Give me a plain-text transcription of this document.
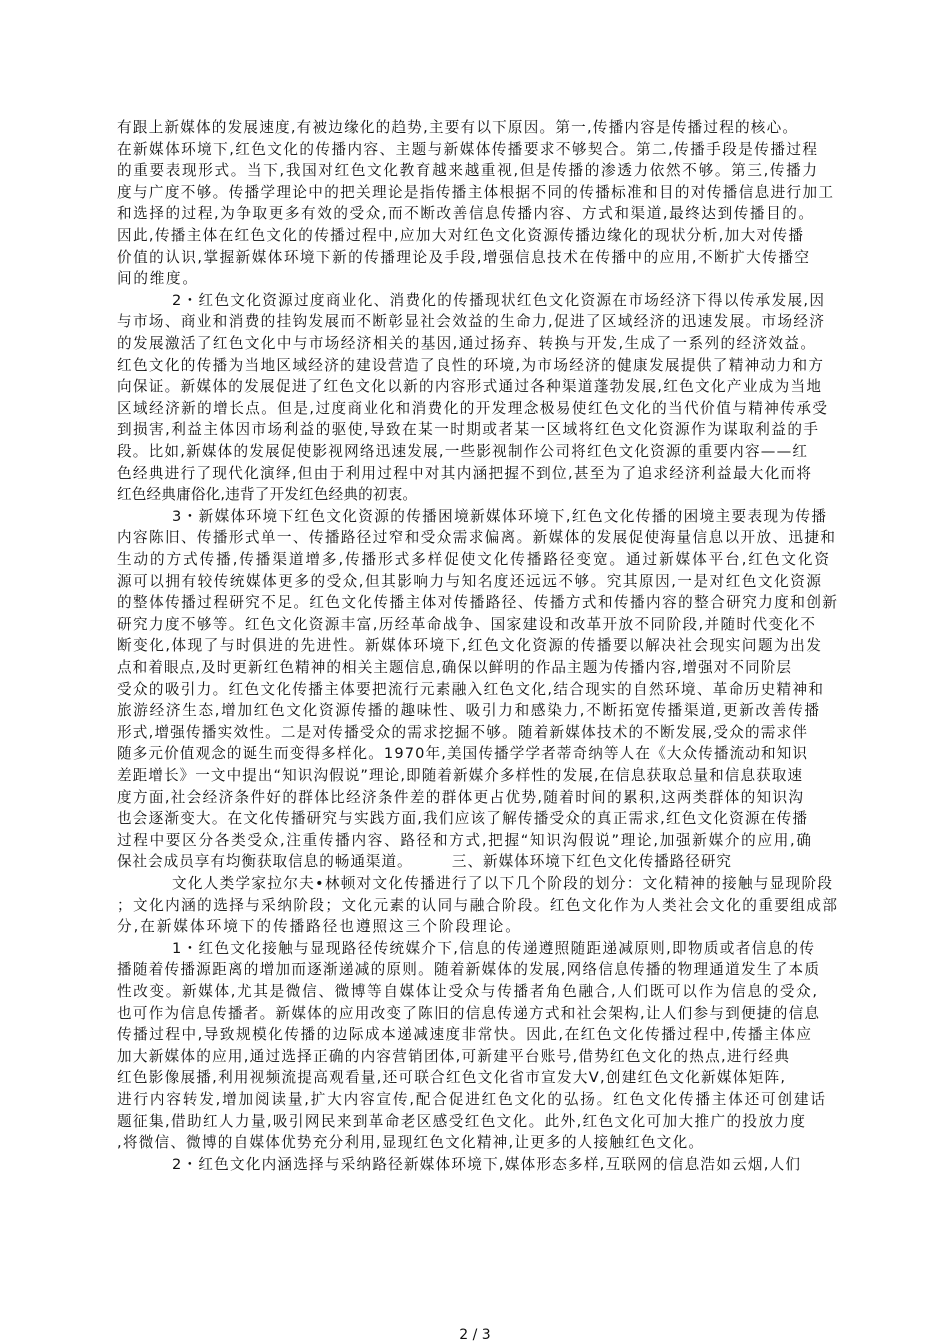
有跟上新媒体的发展速度,有被边缘化的趋势,主要有以下原因。第一,传播内容是传播过程的核心。
在新媒体环境下,红色文化的传播内容、主题与新媒体传播要求不够契合。第二,传播手段是传播过程
的重要表现形式。当下,我国对红色文化教育越来越重视,但是传播的渗透力依然不够。第三,传播力
度与广度不够。传播学理论中的把关理论是指传播主体根据不同的传播标准和目的对传播信息进行加工
和选择的过程,为争取更多有效的受众,而不断改善信息传播内容、方式和渠道,最终达到传播目的。
因此,传播主体在红色文化的传播过程中,应加大对红色文化资源传播边缘化的现状分析,加大对传播
价值的认识,掌握新媒体环境下新的传播理论及手段,增强信息技术在传播中的应用,不断扩大传播空
间的维度。
2・红色文化资源过度商业化、消费化的传播现状红色文化资源在市场经济下得以传承发展,因
与市场、商业和消费的挂钩发展而不断彰显社会效益的生命力,促进了区域经济的迅速发展。市场经济
的发展激活了红色文化中与市场经济相关的基因,通过扬弃、转换与开发,生成了一系列的经济效益。
红色文化的传播为当地区域经济的建设营造了良性的环境,为市场经济的健康发展提供了精神动力和方
向保证。新媒体的发展促进了红色文化以新的内容形式通过各种渠道蓬勃发展,红色文化产业成为当地
区域经济新的增长点。但是,过度商业化和消费化的开发理念极易使红色文化的当代价值与精神传承受
到损害,利益主体因市场利益的驱使,导致在某一时期或者某一区域将红色文化资源作为谋取利益的手
段。比如,新媒体的发展促使影视网络迅速发展,一些影视制作公司将红色文化资源的重要内容——红
色经典进行了现代化演绎,但由于利用过程中对其内涵把握不到位,甚至为了追求经济利益最大化而将
红色经典庸俗化,违背了开发红色经典的初衷。
3・新媒体环境下红色文化资源的传播困境新媒体环境下,红色文化传播的困境主要表现为传播
内容陈旧、传播形式单一、传播路径过窄和受众需求偏离。新媒体的发展促使海量信息以开放、迅捷和
生动的方式传播,传播渠道增多,传播形式多样促使文化传播路径变宽。通过新媒体平台,红色文化资
源可以拥有较传统媒体更多的受众,但其影响力与知名度还远远不够。究其原因,一是对红色文化资源
的整体传播过程研究不足。红色文化传播主体对传播路径、传播方式和传播内容的整合研究力度和创新
研究力度不够等。红色文化资源丰富,历经革命战争、国家建设和改革开放不同阶段,并随时代变化不
断变化,体现了与时俱进的先进性。新媒体环境下,红色文化资源的传播要以解决社会现实问题为出发
点和着眼点,及时更新红色精神的相关主题信息,确保以鲜明的作品主题为传播内容,增强对不同阶层
受众的吸引力。红色文化传播主体要把流行元素融入红色文化,结合现实的自然环境、革命历史精神和
旅游经济生态,增加红色文化资源传播的趣味性、吸引力和感染力,不断拓宽传播渠道,更新改善传播
形式,增强传播实效性。二是对传播受众的需求挖掘不够。随着新媒体技术的不断发展,受众的需求伴
随多元价值观念的诞生而变得多样化。1970年,美国传播学学者蒂奇纳等人在《大众传播流动和知识
差距增长》一文中提出“知识沟假说”理论,即随着新媒介多样性的发展,在信息获取总量和信息获取速
度方面,社会经济条件好的群体比经济条件差的群体更占优势,随着时间的累积,这两类群体的知识沟
也会逐渐变大。在文化传播研究与实践方面,我们应该了解传播受众的真正需求,红色文化资源在传播
过程中要区分各类受众,注重传播内容、路径和方式,把握“知识沟假说”理论,加强新媒介的应用,确
保社会成员享有均衡获取信息的畅通渠道。　　　三、新媒体环境下红色文化传播路径研究
文化人类学家拉尔夫•林顿对文化传播进行了以下几个阶段的划分：文化精神的接触与显现阶段
；文化内涵的选择与采纳阶段；文化元素的认同与融合阶段。红色文化作为人类社会文化的重要组成部
分,在新媒体环境下的传播路径也遵照这三个阶段理论。
1・红色文化接触与显现路径传统媒介下,信息的传递遵照随距递减原则,即物质或者信息的传
播随着传播源距离的增加而逐渐递减的原则。随着新媒体的发展,网络信息传播的物理通道发生了本质
性改变。新媒体,尤其是微信、微博等自媒体让受众与传播者角色融合,人们既可以作为信息的受众,
也可作为信息传播者。新媒体的应用改变了陈旧的信息传递方式和社会架构,让人们参与到便捷的信息
传播过程中,导致规模化传播的边际成本递减速度非常快。因此,在红色文化传播过程中,传播主体应
加大新媒体的应用,通过选择正确的内容营销团体,可新建平台账号,借势红色文化的热点,进行经典
红色影像展播,利用视频流提高观看量,还可联合红色文化省市宣发大V,创建红色文化新媒体矩阵,
进行内容转发,增加阅读量,扩大内容宣传,配合促进红色文化的弘扬。红色文化传播主体还可创建话
题征集,借助红人力量,吸引网民来到革命老区感受红色文化。此外,红色文化可加大推广的投放力度
,将微信、微博的自媒体优势充分利用,显现红色文化精神,让更多的人接触红色文化。
2・红色文化内涵选择与采纳路径新媒体环境下,媒体形态多样,互联网的信息浩如云烟,人们
2 / 3
